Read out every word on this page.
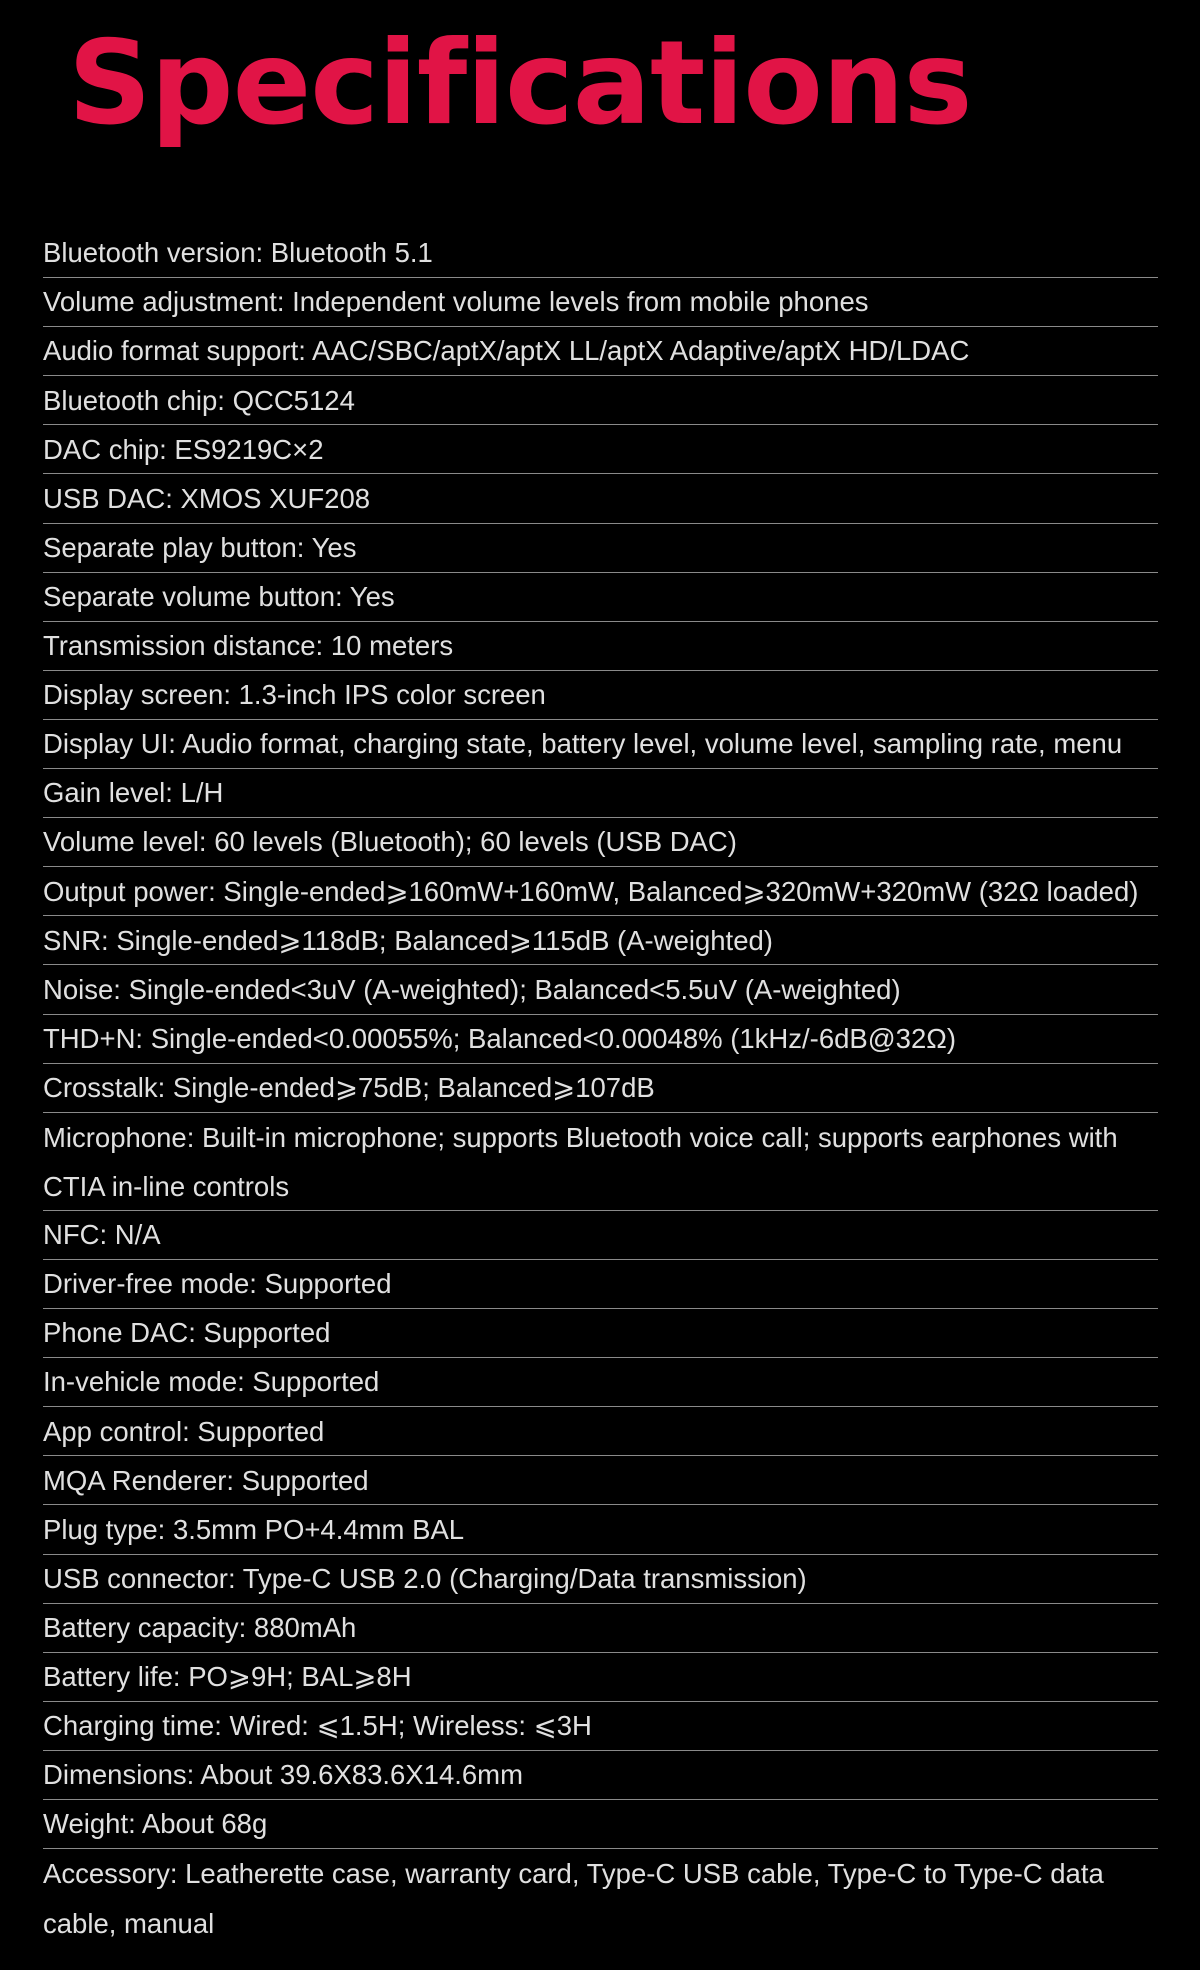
Specifications
Bluetooth version: Bluetooth 5.1
Volume adjustment: Independent volume levels from mobile phones
Audio format support: AAC/SBC/aptX/aptX LL/aptX Adaptive/aptX HD/LDAC
Bluetooth chip: QCC5124
DAC chip: ES9219C×2
USB DAC: XMOS XUF208
Separate play button: Yes
Separate volume button: Yes
Transmission distance: 10 meters
Display screen: 1.3-inch IPS color screen
Display UI: Audio format, charging state, battery level, volume level, sampling rate, menu
Gain level: L/H
Volume level: 60 levels (Bluetooth); 60 levels (USB DAC)
Output power: Single-ended⩾160mW+160mW, Balanced⩾320mW+320mW (32Ω loaded)
SNR: Single-ended⩾118dB; Balanced⩾115dB (A-weighted)
Noise: Single-ended<3uV (A-weighted); Balanced<5.5uV (A-weighted)
THD+N: Single-ended<0.00055%; Balanced<0.00048% (1kHz/-6dB@32Ω)
Crosstalk: Single-ended⩾75dB; Balanced⩾107dB
Microphone: Built-in microphone; supports Bluetooth voice call; supports earphones with CTIA in-line controls
NFC: N/A
Driver-free mode: Supported
Phone DAC: Supported
In-vehicle mode: Supported
App control: Supported
MQA Renderer: Supported
Plug type: 3.5mm PO+4.4mm BAL
USB connector: Type-C USB 2.0 (Charging/Data transmission)
Battery capacity: 880mAh
Battery life: PO⩾9H; BAL⩾8H
Charging time: Wired: ⩽1.5H; Wireless: ⩽3H
Dimensions: About 39.6X83.6X14.6mm
Weight: About 68g
Accessory: Leatherette case, warranty card, Type-C USB cable, Type-C to Type-C data cable, manual
